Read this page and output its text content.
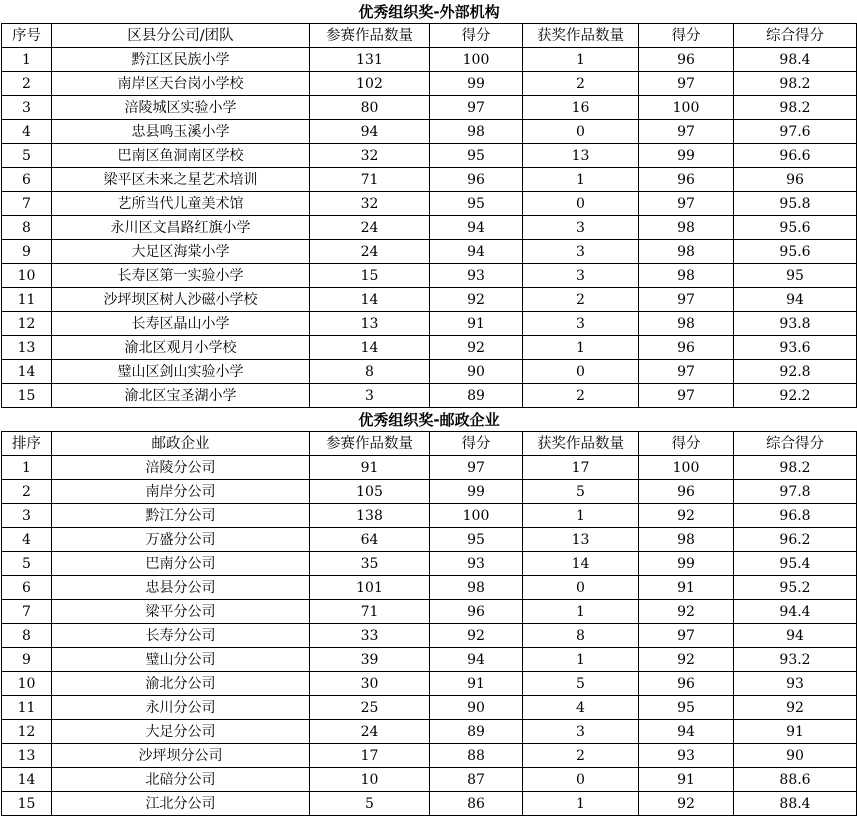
优秀组织奖-外部机构						
序号	区县分公司/团队	参赛作品数量	得分	获奖作品数量	得分	综合得分
1	黔江区民族小学	131	100	1	96	98.4
2	南岸区天台岗小学校	102	99	2	97	98.2
3	涪陵城区实验小学	80	97	16	100	98.2
4	忠县鸣玉溪小学	94	98	0	97	97.6
5	巴南区鱼洞南区学校	32	95	13	99	96.6
6	梁平区未来之星艺术培训	71	96	1	96	96
7	艺所当代儿童美术馆	32	95	0	97	95.8
8	永川区文昌路红旗小学	24	94	3	98	95.6
9	大足区海棠小学	24	94	3	98	95.6
10	长寿区第一实验小学	15	93	3	98	95
11	沙坪坝区树人沙磁小学校	14	92	2	97	94
12	长寿区晶山小学	13	91	3	98	93.8
13	渝北区观月小学校	14	92	1	96	93.6
14	璧山区剑山实验小学	8	90	0	97	92.8
15	渝北区宝圣湖小学	3	89	2	97	92.2
优秀组织奖-邮政企业						
排序	邮政企业	参赛作品数量	得分	获奖作品数量	得分	综合得分
1	涪陵分公司	91	97	17	100	98.2
2	南岸分公司	105	99	5	96	97.8
3	黔江分公司	138	100	1	92	96.8
4	万盛分公司	64	95	13	98	96.2
5	巴南分公司	35	93	14	99	95.4
6	忠县分公司	101	98	0	91	95.2
7	梁平分公司	71	96	1	92	94.4
8	长寿分公司	33	92	8	97	94
9	璧山分公司	39	94	1	92	93.2
10	渝北分公司	30	91	5	96	93
11	永川分公司	25	90	4	95	92
12	大足分公司	24	89	3	94	91
13	沙坪坝分公司	17	88	2	93	90
14	北碚分公司	10	87	0	91	88.6
15	江北分公司	5	86	1	92	88.4
